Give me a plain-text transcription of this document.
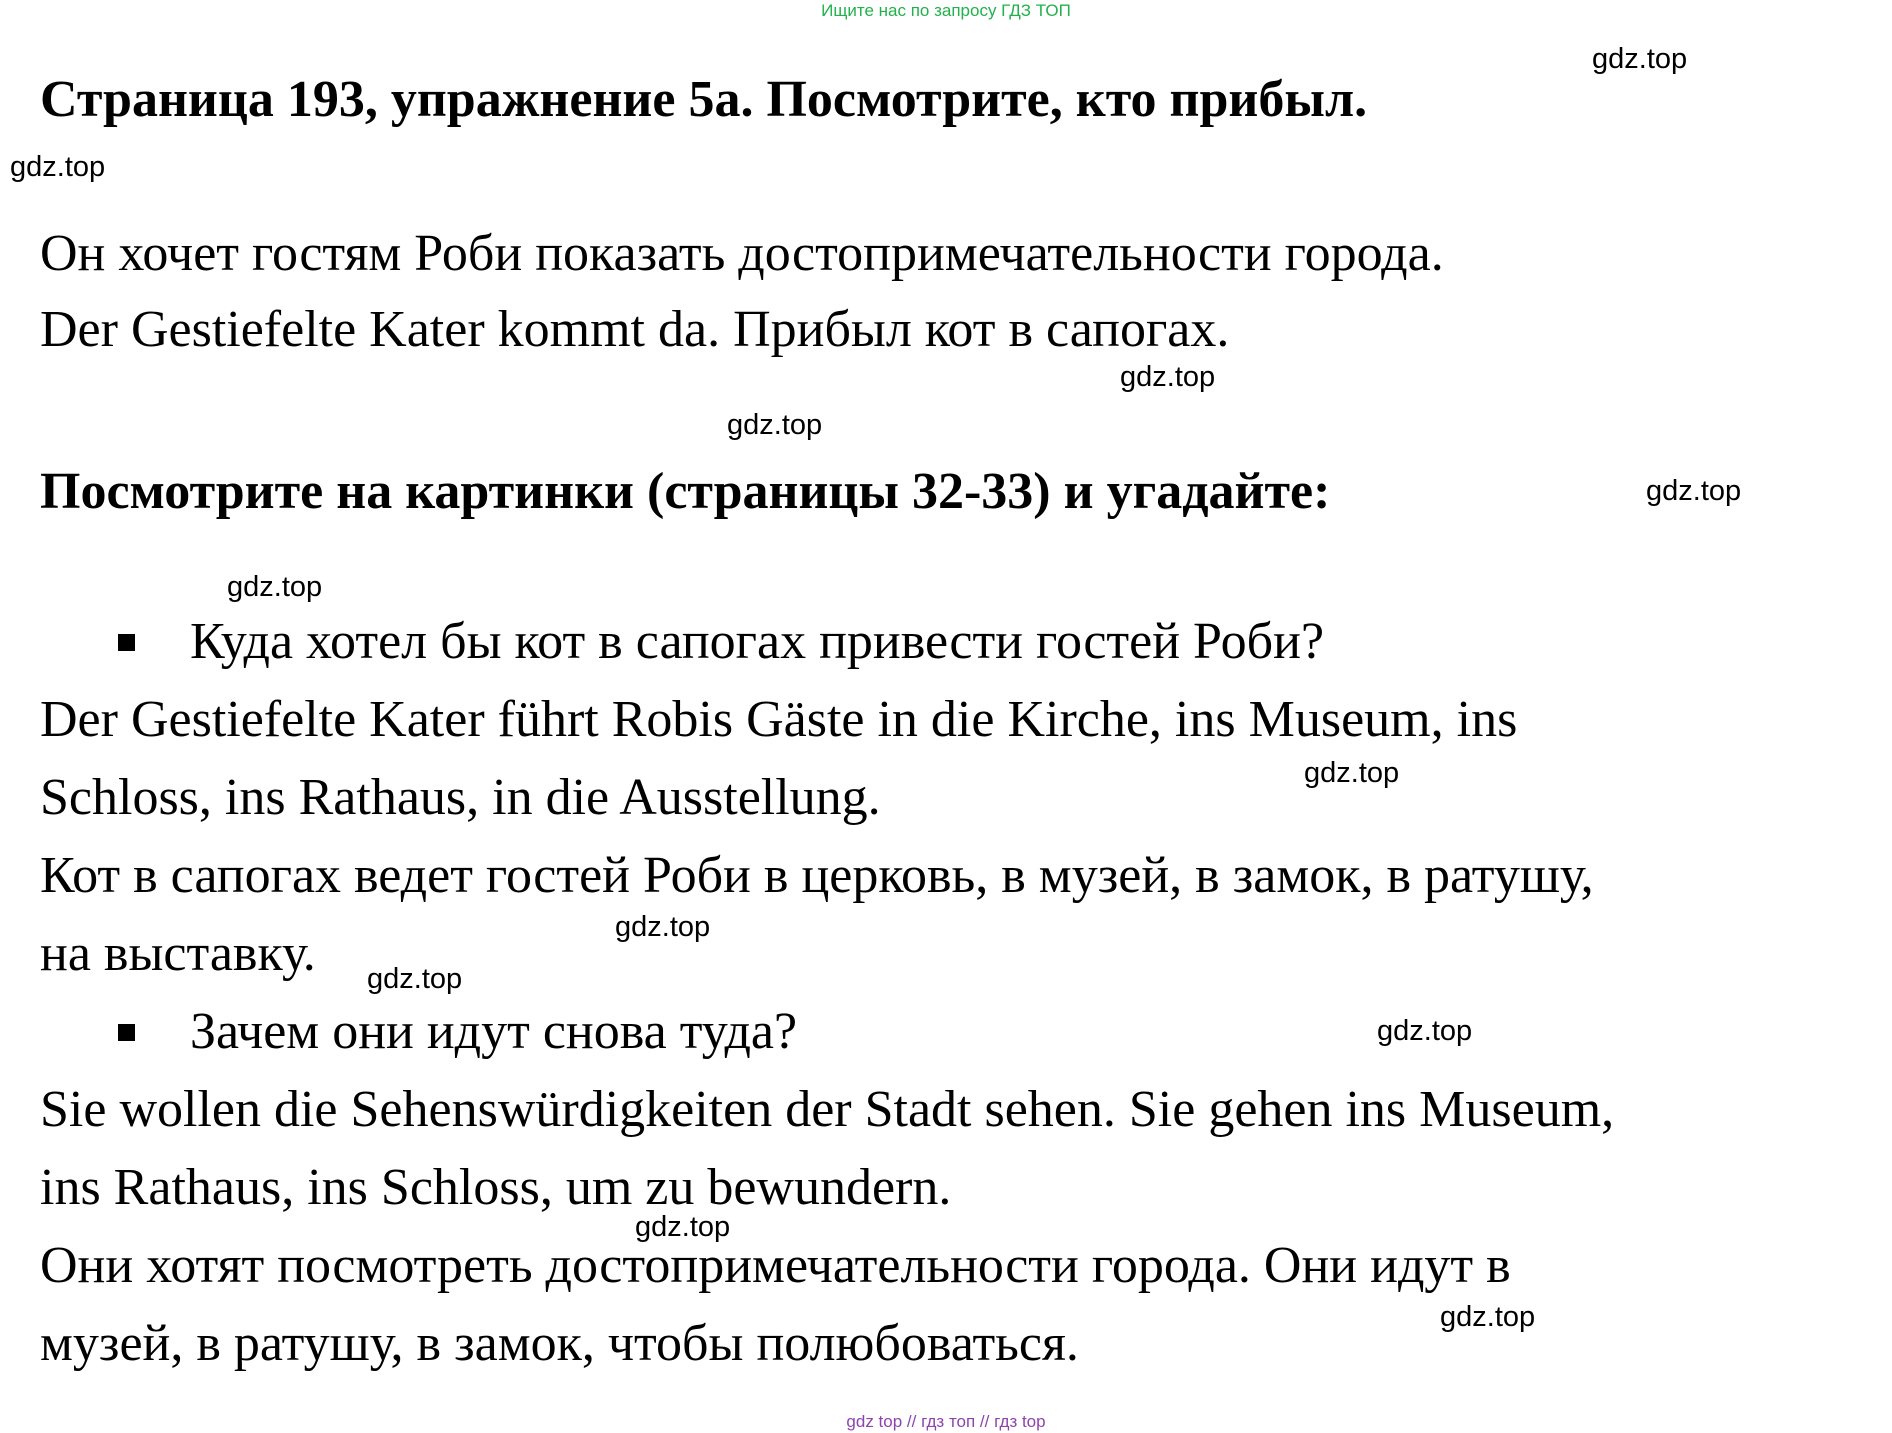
Ищите нас по запросу ГДЗ ТОП
Страница 193, упражнение 5а. Посмотрите, кто прибыл.
Он хочет гостям Роби показать достопримечательности города.
Der Gestiefelte Kater kommt da. Прибыл кот в сапогах.
Посмотрите на картинки (страницы 32-33) и угадайте:
Куда хотел бы кот в сапогах привести гостей Роби?
Der Gestiefelte Kater führt Robis Gäste in die Kirche, ins Museum, ins
Schloss, ins Rathaus, in die Ausstellung.
Кот в сапогах ведет гостей Роби в церковь, в музей, в замок, в ратушу,
на выставку.
Зачем они идут снова туда?
Sie wollen die Sehenswürdigkeiten der Stadt sehen. Sie gehen ins Museum,
ins Rathaus, ins Schloss, um zu bewundern.
Они хотят посмотреть достопримечательности города. Они идут в
музей, в ратушу, в замок, чтобы полюбоваться.
gdz.top
gdz.top
gdz.top
gdz.top
gdz.top
gdz.top
gdz.top
gdz.top
gdz.top
gdz.top
gdz.top
gdz.top
gdz top // гдз топ // гдз top
